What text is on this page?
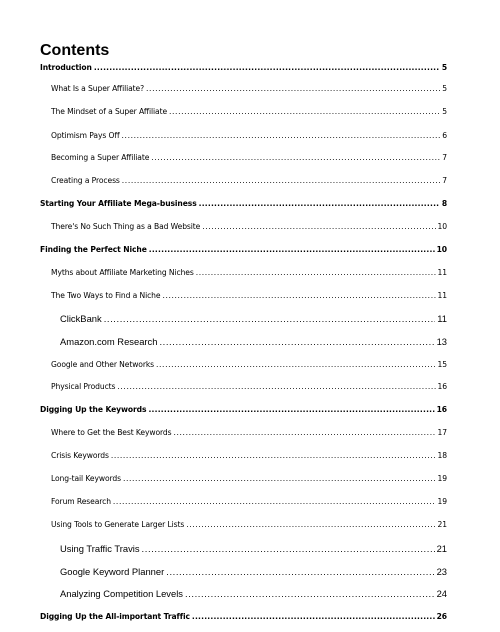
Contents
Introduction .....	5
What Is a Super Affiliate? .....	5
The Mindset of a Super Affiliate .....	5
Optimism Pays Off .....	6
Becoming a Super Affiliate .....	7
Creating a Process .....	7
Starting Your Affiliate Mega-business .....	8
There's No Such Thing as a Bad Website .....	10
Finding the Perfect Niche .....	10
Myths about Affiliate Marketing Niches .....	11
The Two Ways to Find a Niche .....	11
ClickBank .....	11
Amazon.com Research .....	13
Google and Other Networks .....	15
Physical Products .....	16
Digging Up the Keywords .....	16
Where to Get the Best Keywords .....	17
Crisis Keywords .....	18
Long-tail Keywords .....	19
Forum Research .....	19
Using Tools to Generate Larger Lists .....	21
Using Traffic Travis .....	21
Google Keyword Planner .....	23
Analyzing Competition Levels .....	24
Digging Up the All-important Traffic .....	26
